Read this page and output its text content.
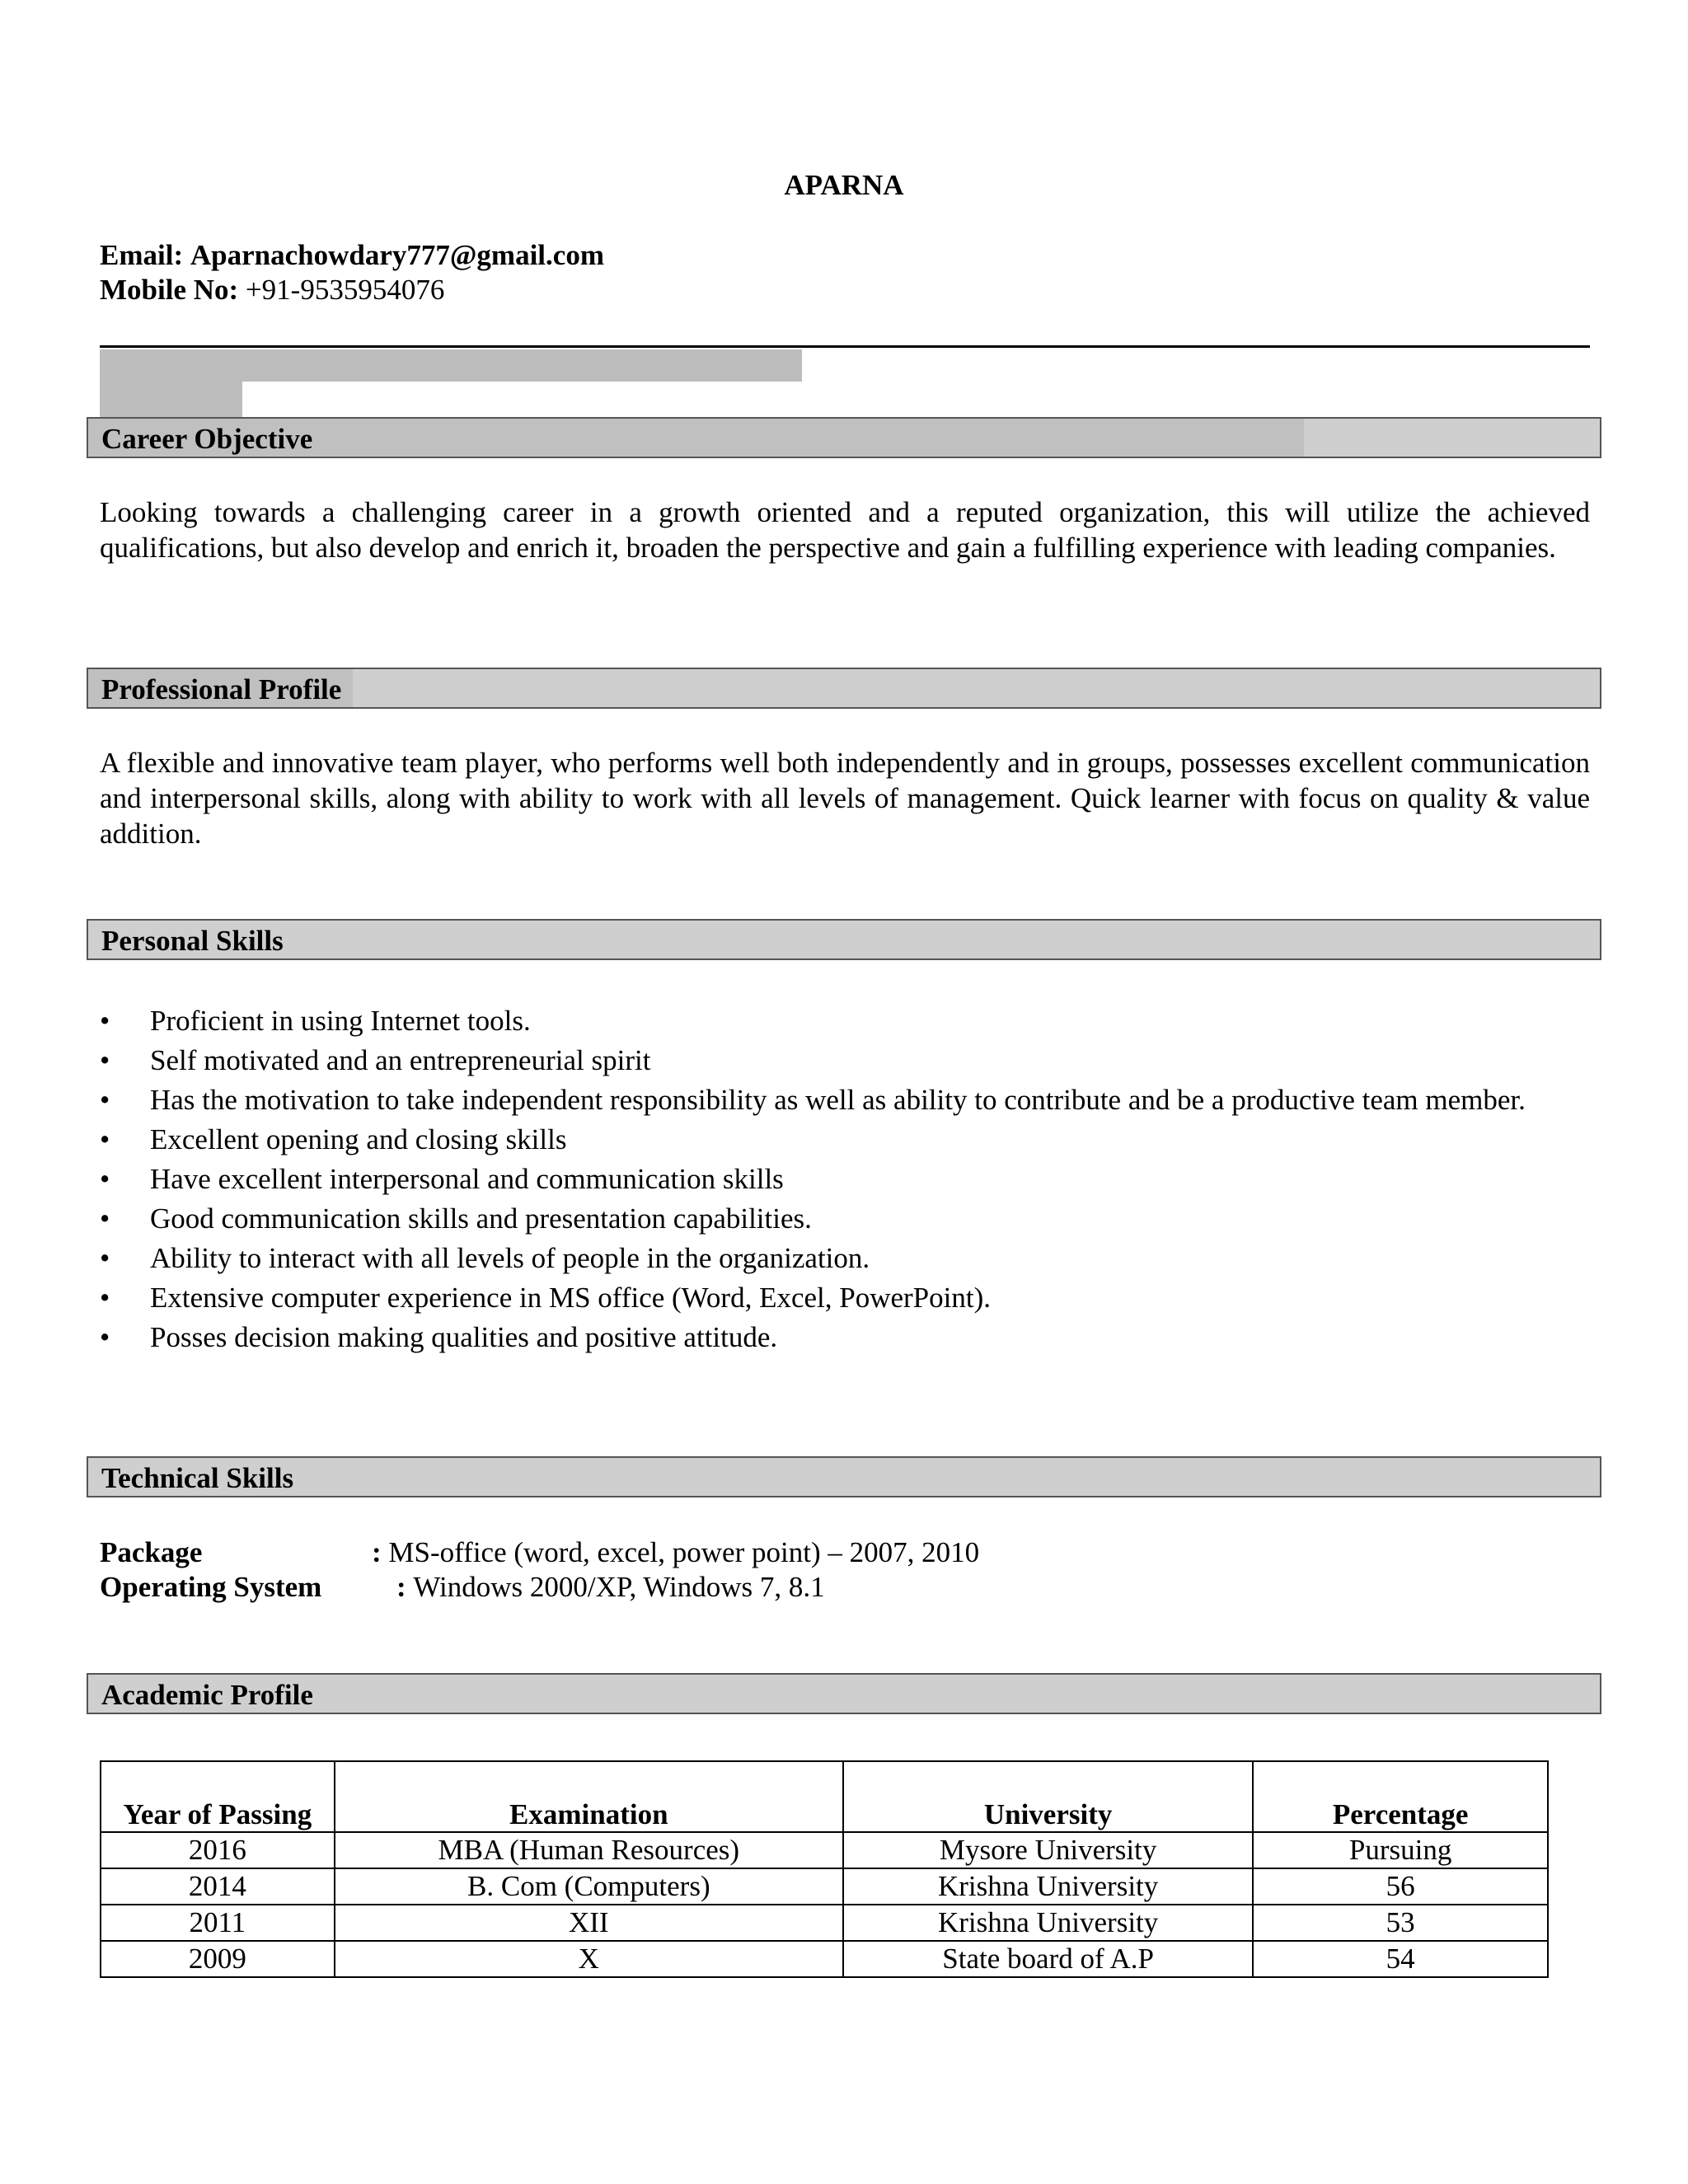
APARNA
Email: Aparnachowdary777@gmail.com
Mobile No: +91-9535954076
Career Objective
Looking towards a challenging career in a growth oriented and a reputed organization, this will utilize the achieved qualifications, but also develop and enrich it, broaden the perspective and gain a fulfilling experience with leading companies.
Professional Profile
A flexible and innovative team player, who performs well both independently and in groups, possesses excellent communication and interpersonal skills, along with ability to work with all levels of management. Quick learner with focus on quality & value addition.
Personal Skills
• Proficient in using Internet tools.
• Self motivated and an entrepreneurial spirit
• Has the motivation to take independent responsibility as well as ability to contribute and be a productive team member.
• Excellent opening and closing skills
• Have excellent interpersonal and communication skills
• Good communication skills and presentation capabilities.
• Ability to interact with all levels of people in the organization.
• Extensive computer experience in MS office (Word, Excel, PowerPoint).
• Posses decision making qualities and positive attitude.
Technical Skills
Package	: MS-office (word, excel, power point) – 2007, 2010
Operating System	: Windows 2000/XP, Windows 7, 8.1
Academic Profile
Year of Passing	Examination	University	Percentage
2016	MBA (Human Resources)	Mysore University	Pursuing
2014	B. Com (Computers)	Krishna University	56
2011	XII	Krishna University	53
2009	X	State board of A.P	54
